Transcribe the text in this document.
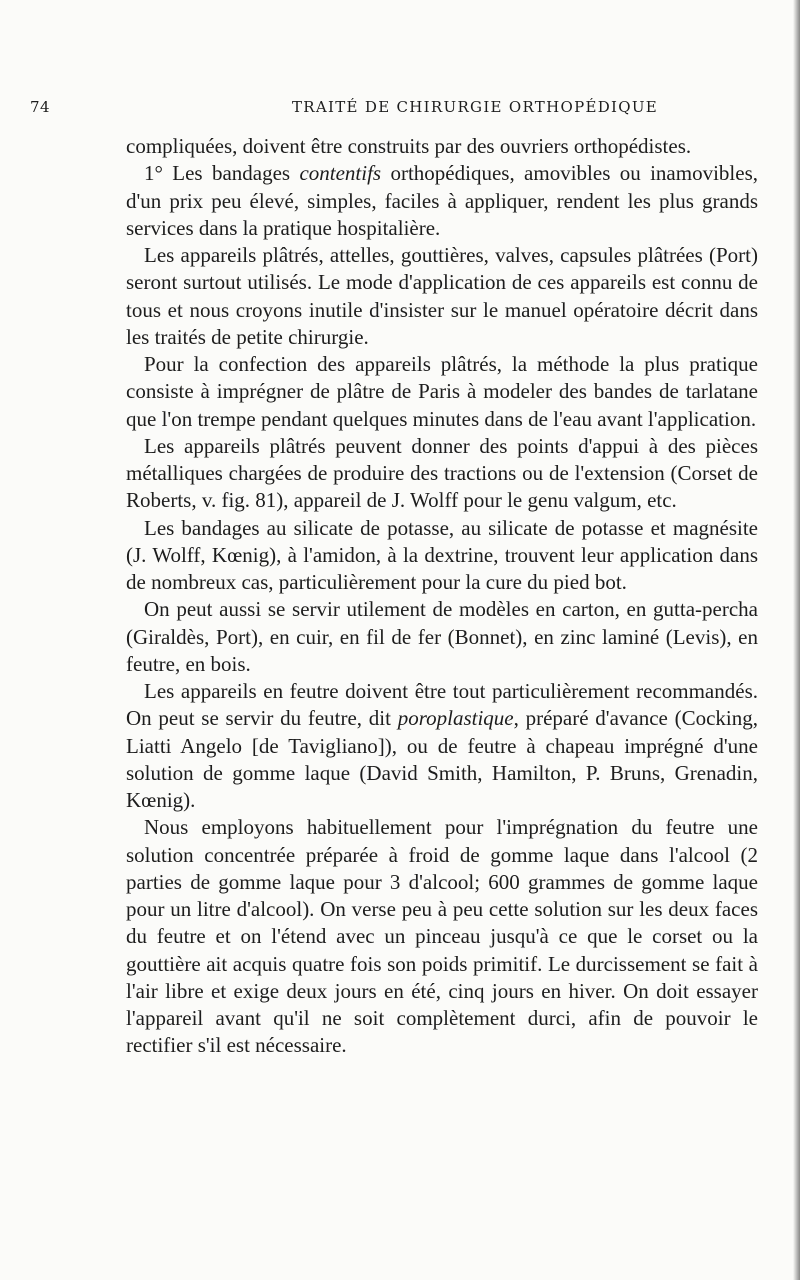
74	TRAITÉ DE CHIRURGIE ORTHOPÉDIQUE

compliquées, doivent être construits par des ouvriers orthopédistes.

1° Les bandages contentifs orthopédiques, amovibles ou inamovibles, d'un prix peu élevé, simples, faciles à appliquer, rendent les plus grands services dans la pratique hospitalière.

Les appareils plâtrés, attelles, gouttières, valves, capsules plâtrées (Port) seront surtout utilisés. Le mode d'application de ces appareils est connu de tous et nous croyons inutile d'insister sur le manuel opératoire décrit dans les traités de petite chirurgie.

Pour la confection des appareils plâtrés, la méthode la plus pratique consiste à imprégner de plâtre de Paris à modeler des bandes de tarlatane que l'on trempe pendant quelques minutes dans de l'eau avant l'application.

Les appareils plâtrés peuvent donner des points d'appui à des pièces métalliques chargées de produire des tractions ou de l'extension (Corset de Roberts, v. fig. 81), appareil de J. Wolff pour le genu valgum, etc.

Les bandages au silicate de potasse, au silicate de potasse et magnésite (J. Wolff, Kœnig), à l'amidon, à la dextrine, trouvent leur application dans de nombreux cas, particulièrement pour la cure du pied bot.

On peut aussi se servir utilement de modèles en carton, en gutta-percha (Giraldès, Port), en cuir, en fil de fer (Bonnet), en zinc laminé (Levis), en feutre, en bois.

Les appareils en feutre doivent être tout particulièrement recommandés. On peut se servir du feutre, dit poroplastique, préparé d'avance (Cocking, Liatti Angelo [de Tavigliano]), ou de feutre à chapeau imprégné d'une solution de gomme laque (David Smith, Hamilton, P. Bruns, Grenadin, Kœnig).

Nous employons habituellement pour l'imprégnation du feutre une solution concentrée préparée à froid de gomme laque dans l'alcool (2 parties de gomme laque pour 3 d'alcool; 600 grammes de gomme laque pour un litre d'alcool). On verse peu à peu cette solution sur les deux faces du feutre et on l'étend avec un pinceau jusqu'à ce que le corset ou la gouttière ait acquis quatre fois son poids primitif. Le durcissement se fait à l'air libre et exige deux jours en été, cinq jours en hiver. On doit essayer l'appareil avant qu'il ne soit complètement durci, afin de pouvoir le rectifier s'il est nécessaire.
